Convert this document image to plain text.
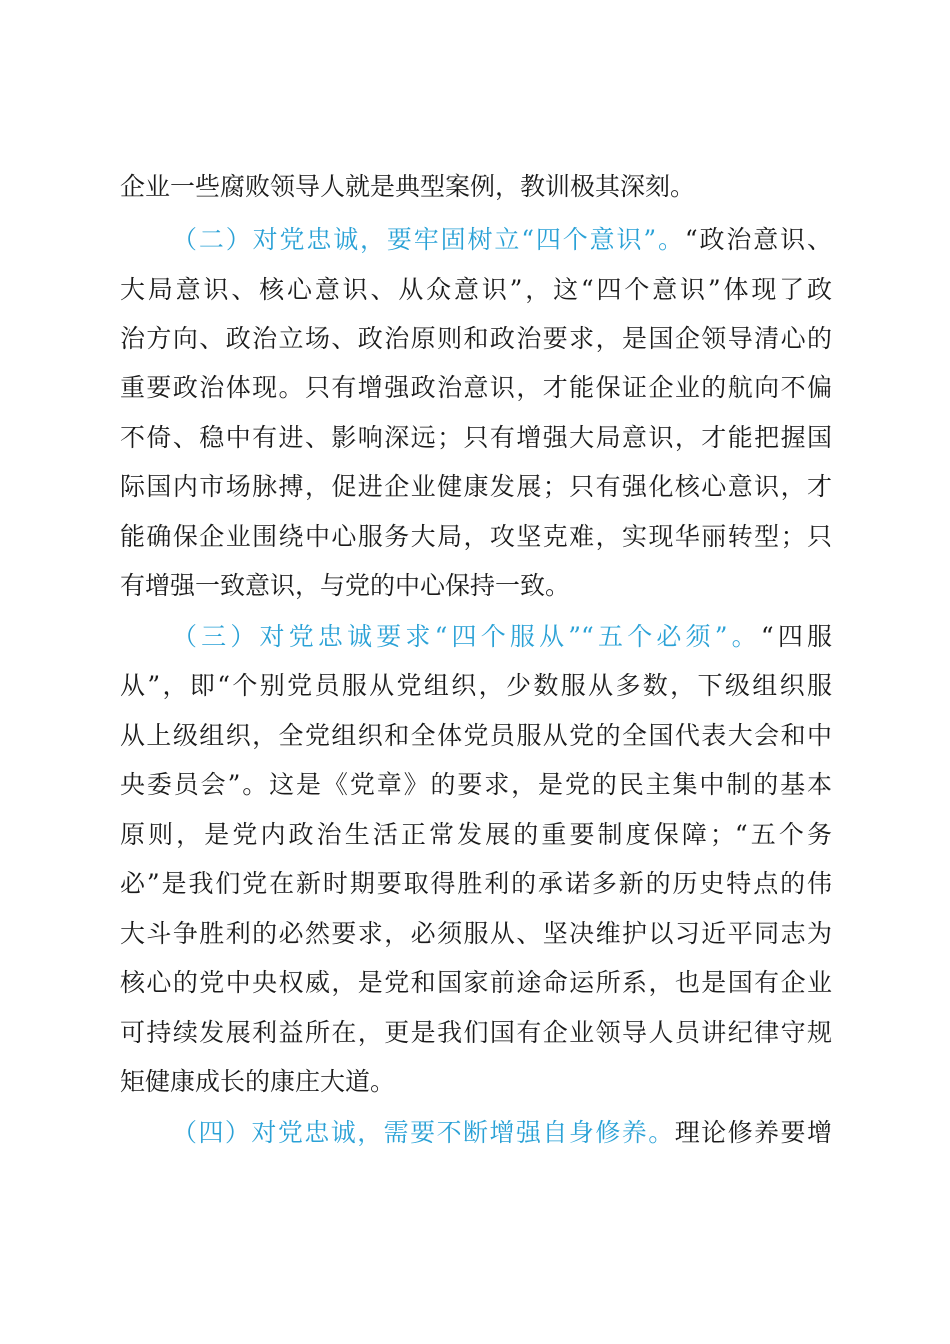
企业一些腐败领导人就是典型案例，教训极其深刻。
（二）对党忠诚，要牢固树立“四个意识”。“政治意识、
大局意识、核心意识、从众意识”，这“四个意识”体现了政
治方向、政治立场、政治原则和政治要求，是国企领导清心的
重要政治体现。只有增强政治意识，才能保证企业的航向不偏
不倚、稳中有进、影响深远；只有增强大局意识，才能把握国
际国内市场脉搏，促进企业健康发展；只有强化核心意识，才
能确保企业围绕中心服务大局，攻坚克难，实现华丽转型；只
有增强一致意识，与党的中心保持一致。
（三）对党忠诚要求“四个服从”“五个必须”。“四服
从”，即“个别党员服从党组织，少数服从多数，下级组织服
从上级组织，全党组织和全体党员服从党的全国代表大会和中
央委员会”。这是《党章》的要求，是党的民主集中制的基本
原则，是党内政治生活正常发展的重要制度保障；“五个务
必”是我们党在新时期要取得胜利的承诺多新的历史特点的伟
大斗争胜利的必然要求，必须服从、坚决维护以习近平同志为
核心的党中央权威，是党和国家前途命运所系，也是国有企业
可持续发展利益所在，更是我们国有企业领导人员讲纪律守规
矩健康成长的康庄大道。
（四）对党忠诚，需要不断增强自身修养。理论修养要增
